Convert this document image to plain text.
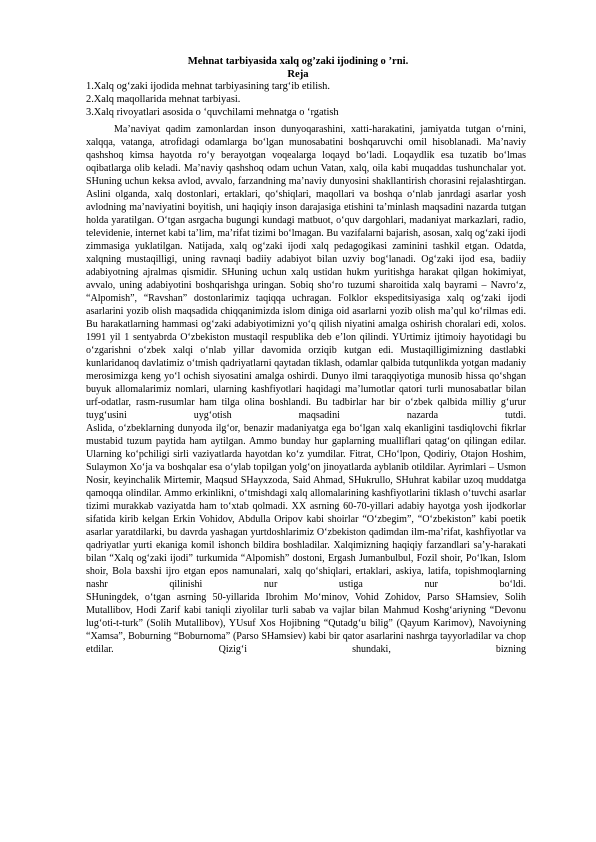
Mehnat tarbiyasida xalq og’zaki ijodining o ’rni.
Reja
1.Xalq og‘zaki ijodida mehnat tarbiyasining targ‘ib etilish.
2.Xalq maqollarida mehnat tarbiyasi.
3.Xalq rivoyatlari asosida o ‘quvchilami mehnatga o ‘rgatish

Ma’naviyat qadim zamonlardan inson dunyoqarashini, xatti-harakatini, jamiyatda tutgan o‘rnini, xalqqa, vatanga, atrofidagi odamlarga bo‘lgan munosabatini boshqaruvchi omil hisoblanadi. Ma’naviy qashshoq kimsa hayotda ro‘y berayotgan voqealarga loqayd bo‘ladi. Loqaydlik esa tuzatib bo‘lmas oqibatlarga olib keladi. Ma’naviy qashshoq odam uchun Vatan, xalq, oila kabi muqaddas tushunchalar yot. SHuning uchun keksa avlod, avvalo, farzandning ma’naviy dunyosini shakllantirish chorasini rejalashtirgan. Aslini olganda, xalq dostonlari, ertaklari, qo‘shiqlari, maqollari va boshqa o‘nlab janrdagi asarlar yosh avlodning ma’naviyatini boyitish, uni haqiqiy inson darajasiga etishini ta’minlash maqsadini nazarda tutgan holda yaratilgan. O‘tgan asrgacha bugungi kundagi matbuot, o‘quv dargohlari, madaniyat markazlari, radio, televidenie, internet kabi ta’lim, ma’rifat tizimi bo‘lmagan. Bu vazifalarni bajarish, asosan, xalq og‘zaki ijodi zimmasiga yuklatilgan. Natijada, xalq og‘zaki ijodi xalq pedagogikasi zaminini tashkil etgan. Odatda, xalqning mustaqilligi, uning ravnaqi badiiy adabiyot bilan uzviy bog‘lanadi. Og‘zaki ijod esa, badiiy adabiyotning ajralmas qismidir. SHuning uchun xalq ustidan hukm yuritishga harakat qilgan hokimiyat, avvalo, uning adabiyotini boshqarishga uringan. Sobiq sho‘ro tuzumi sharoitida xalq bayrami – Navro‘z, “Alpomish”, “Ravshan” dostonlarimiz taqiqqa uchragan. Folklor ekspeditsiyasiga xalq og‘zaki ijodi asarlarini yozib olish maqsadida chiqqanimizda islom diniga oid asarlarni yozib olish ma’qul ko‘rilmas edi. Bu harakatlarning hammasi og‘zaki adabiyotimizni yo‘q qilish niyatini amalga oshirish choralari edi, xolos. 1991 yil 1 sentyabrda O‘zbekiston mustaqil respublika deb e’lon qilindi. YUrtimiz ijtimoiy hayotidagi bu o‘zgarishni o‘zbek xalqi o‘nlab yillar davomida orziqib kutgan edi. Mustaqilligimizning dastlabki kunlaridanoq davlatimiz o‘tmish qadriyatlarni qaytadan tiklash, odamlar qalbida tutqunlikda yotgan madaniy merosimizga keng yo‘l ochish siyosatini amalga oshirdi. Dunyo ilmi taraqqiyotiga munosib hissa qo‘shgan buyuk allomalarimiz nomlari, ularning kashfiyotlari haqidagi ma’lumotlar qatori turli munosabatlar bilan urf-odatlar, rasm-rusumlar ham tilga olina boshlandi. Bu tadbirlar har bir o‘zbek qalbida milliy g‘urur tuyg‘usini uyg‘otish maqsadini nazarda tutdi.

Aslida, o‘zbeklarning dunyoda ilg‘or, benazir madaniyatga ega bo‘lgan xalq ekanligini tasdiqlovchi fikrlar mustabid tuzum paytida ham aytilgan. Ammo bunday hur gaplarning mualliflari qatag‘on qilingan edilar. Ularning ko‘pchiligi sirli vaziyatlarda hayotdan ko‘z yumdilar. Fitrat, CHo‘lpon, Qodiriy, Otajon Hoshim, Sulaymon Xo‘ja va boshqalar esa o‘ylab topilgan yolg‘on jinoyatlarda ayblanib otildilar. Ayrimlari – Usmon Nosir, keyinchalik Mirtemir, Maqsud SHayxzoda, Said Ahmad, SHukrullo, SHuhrat kabilar uzoq muddatga qamoqqa olindilar. Ammo erkinlikni, o‘tmishdagi xalq allomalarining kashfiyotlarini tiklash o‘tuvchi asarlar tizimi murakkab vaziyatda ham to‘xtab qolmadi. XX asrning 60-70-yillari adabiy hayotga yosh ijodkorlar sifatida kirib kelgan Erkin Vohidov, Abdulla Oripov kabi shoirlar “O‘zbegim”, “O‘zbekiston” kabi poetik asarlar yaratdilarki, bu davrda yashagan yurtdoshlarimiz O‘zbekiston qadimdan ilm-ma’rifat, kashfiyotlar va qadriyatlar yurti ekaniga komil ishonch bildira boshladilar. Xalqimizning haqiqiy farzandlari sa’y-harakati bilan “Xalq og‘zaki ijodi” turkumida “Alpomish” dostoni, Ergash Jumanbulbul, Fozil shoir, Po‘lkan, Islom shoir, Bola baxshi ijro etgan epos namunalari, xalq qo‘shiqlari, ertaklari, askiya, latifa, topishmoqlarning nashr qilinishi nur ustiga nur bo‘ldi.

SHuningdek, o‘tgan asrning 50-yillarida Ibrohim Mo‘minov, Vohid Zohidov, Parso SHamsiev, Solih Mutallibov, Hodi Zarif kabi taniqli ziyolilar turli sabab va vajlar bilan Mahmud Koshg‘ariyning “Devonu lug‘oti-t-turk” (Solih Mutallibov), YUsuf Xos Hojibning “Qutadg‘u bilig” (Qayum Karimov), Navoiyning “Xamsa”, Boburning “Boburnoma” (Parso SHamsiev) kabi bir qator asarlarini nashrga tayyorladilar va chop etdilar. Qizig‘i shundaki, bizning
